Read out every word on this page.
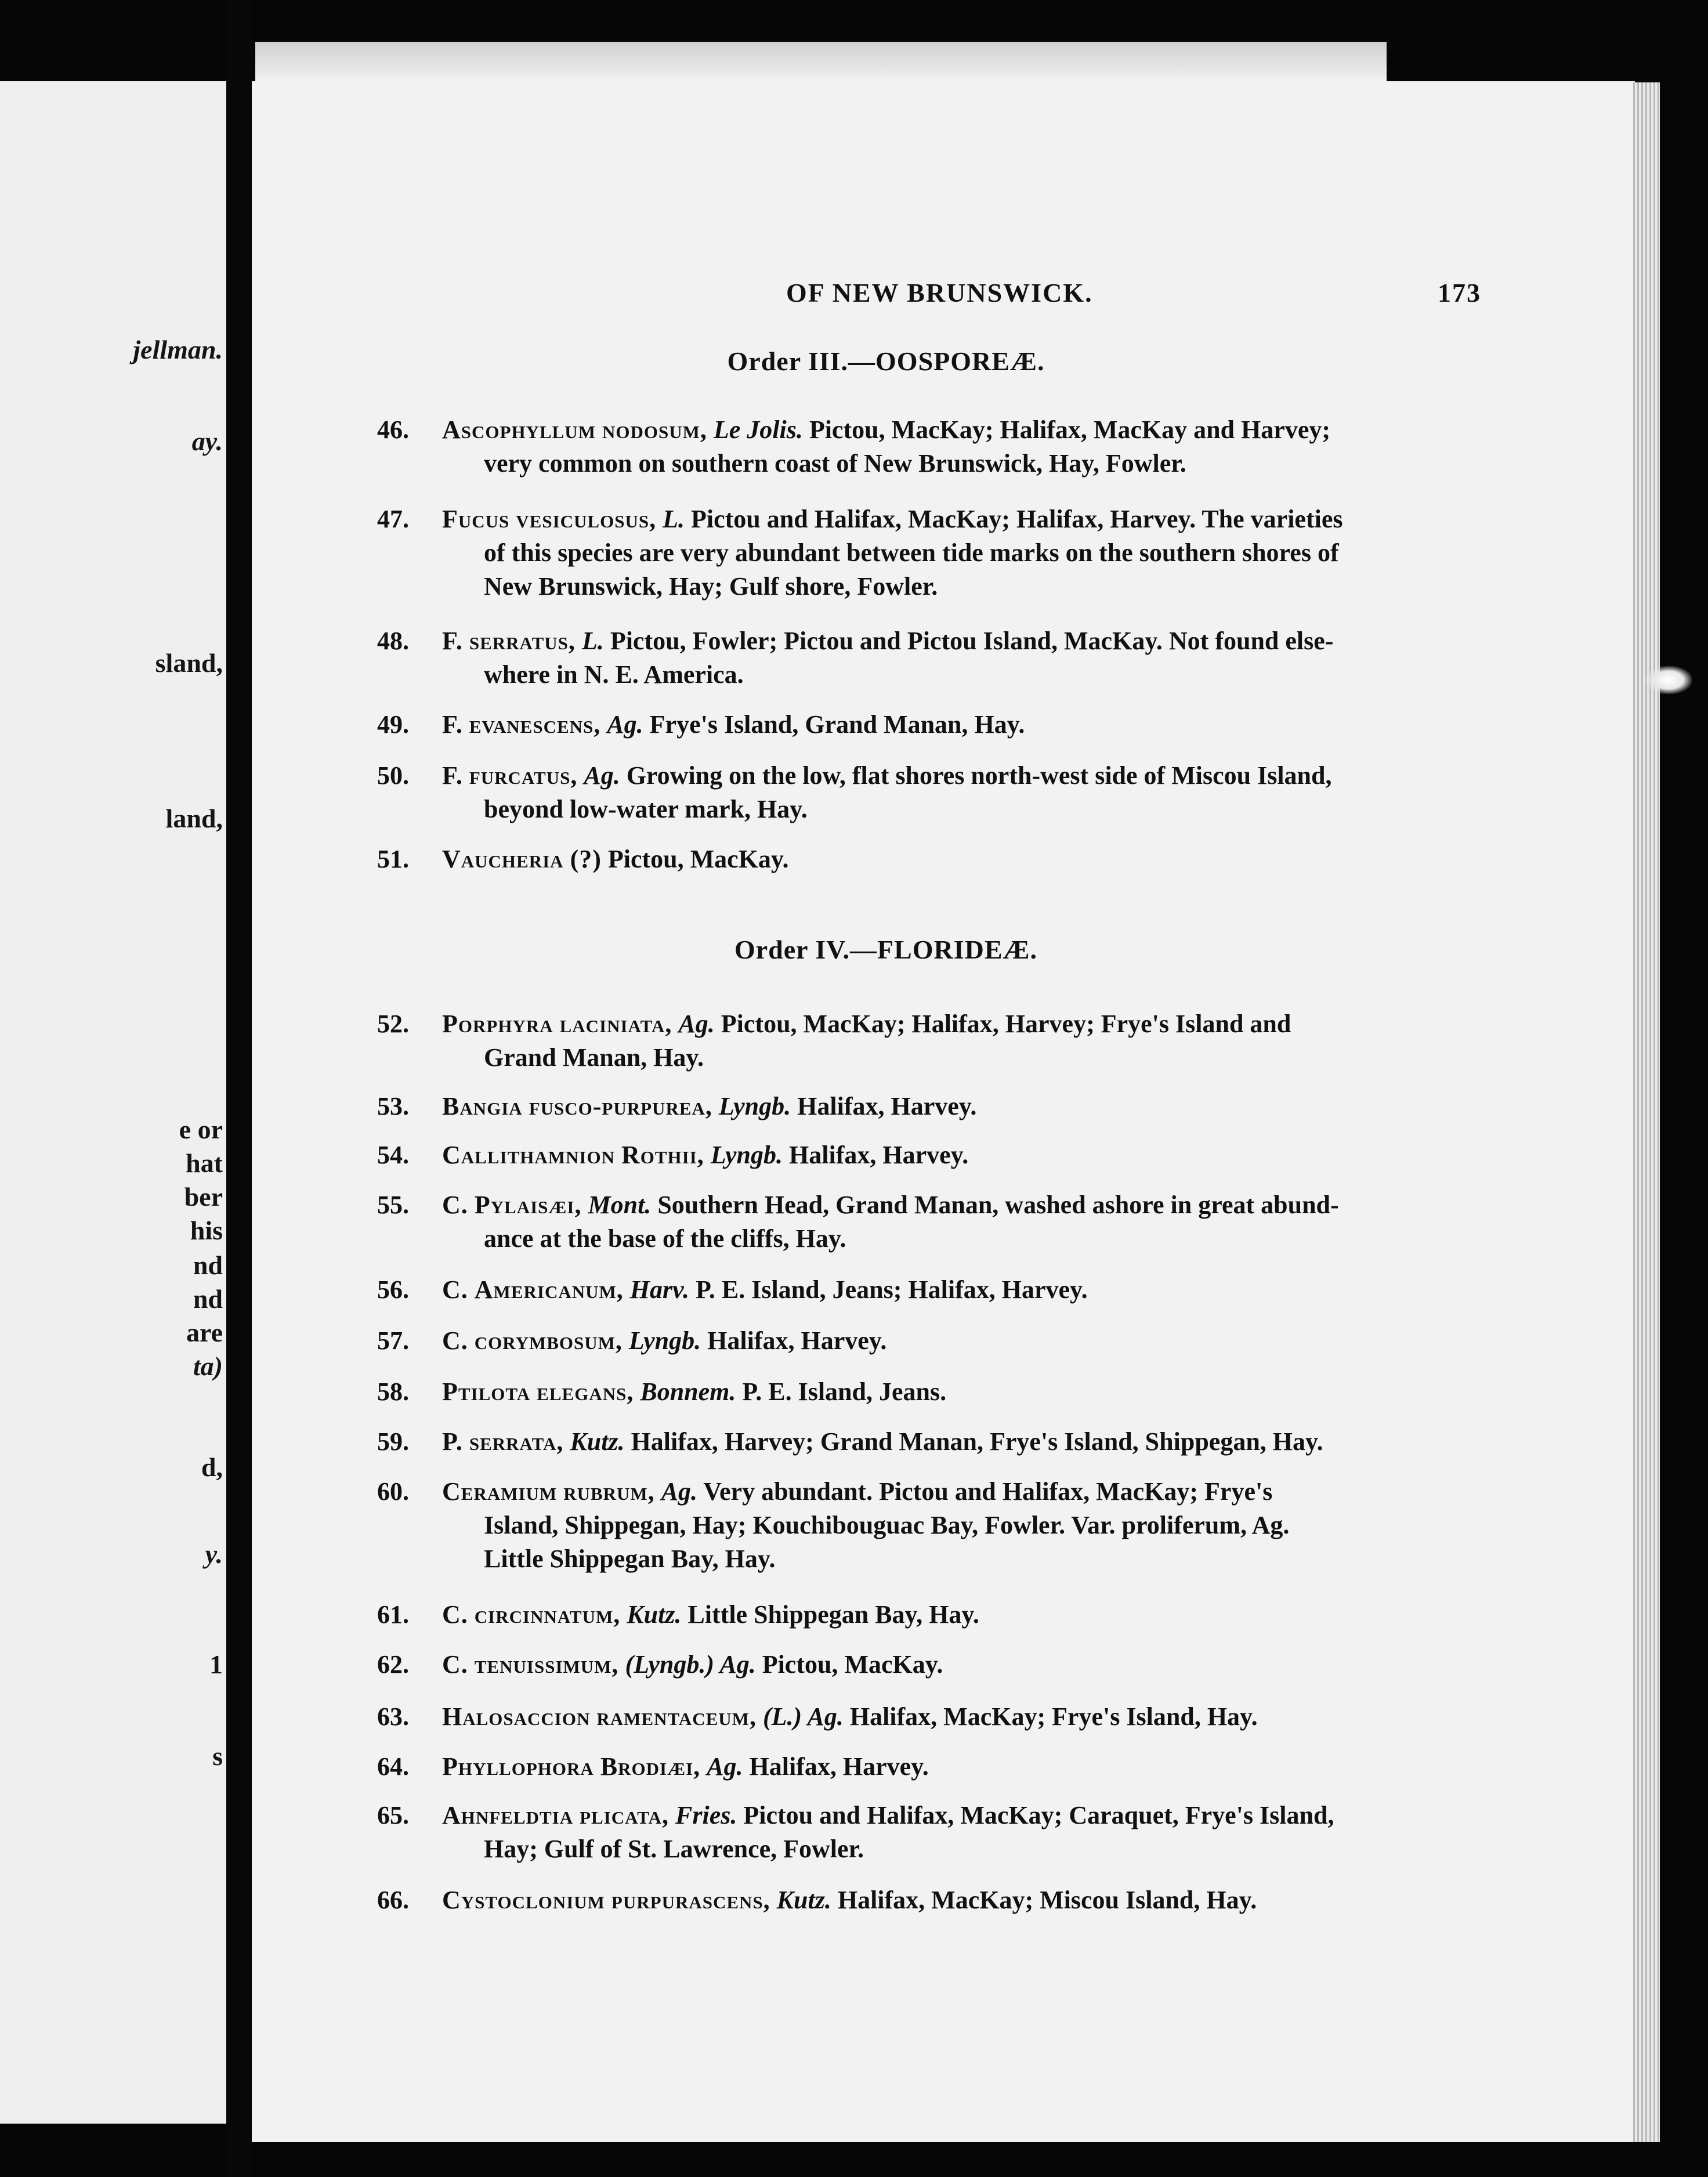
jellman.
ay.
sland,
land,
e or
hat
ber
his
nd
nd
are
ta)
d,
y.
1
s
OF NEW BRUNSWICK.	173
Order III.—OOSPOREÆ.
46.	Ascophyllum nodosum, Le Jolis. Pictou, MacKay; Halifax, MacKay and Harvey;
very common on southern coast of New Brunswick, Hay, Fowler.
47.	Fucus vesiculosus, L. Pictou and Halifax, MacKay; Halifax, Harvey. The varieties
of this species are very abundant between tide marks on the southern shores of
New Brunswick, Hay; Gulf shore, Fowler.
48.	F. serratus, L. Pictou, Fowler; Pictou and Pictou Island, MacKay. Not found else-
where in N. E. America.
49.	F. evanescens, Ag. Frye's Island, Grand Manan, Hay.
50.	F. furcatus, Ag. Growing on the low, flat shores north-west side of Miscou Island,
beyond low-water mark, Hay.
51.	Vaucheria (?) Pictou, MacKay.
Order IV.—FLORIDEÆ.
52.	Porphyra laciniata, Ag. Pictou, MacKay; Halifax, Harvey; Frye's Island and
Grand Manan, Hay.
53.	Bangia fusco-purpurea, Lyngb. Halifax, Harvey.
54.	Callithamnion Rothii, Lyngb. Halifax, Harvey.
55.	C. Pylaisæi, Mont. Southern Head, Grand Manan, washed ashore in great abund-
ance at the base of the cliffs, Hay.
56.	C. Americanum, Harv. P. E. Island, Jeans; Halifax, Harvey.
57.	C. corymbosum, Lyngb. Halifax, Harvey.
58.	Ptilota elegans, Bonnem. P. E. Island, Jeans.
59.	P. serrata, Kutz. Halifax, Harvey; Grand Manan, Frye's Island, Shippegan, Hay.
60.	Ceramium rubrum, Ag. Very abundant. Pictou and Halifax, MacKay; Frye's
Island, Shippegan, Hay; Kouchibouguac Bay, Fowler. Var. proliferum, Ag.
Little Shippegan Bay, Hay.
61.	C. circinnatum, Kutz. Little Shippegan Bay, Hay.
62.	C. tenuissimum, (Lyngb.) Ag. Pictou, MacKay.
63.	Halosaccion ramentaceum, (L.) Ag. Halifax, MacKay; Frye's Island, Hay.
64.	Phyllophora Brodiæi, Ag. Halifax, Harvey.
65.	Ahnfeldtia plicata, Fries. Pictou and Halifax, MacKay; Caraquet, Frye's Island,
Hay; Gulf of St. Lawrence, Fowler.
66.	Cystoclonium purpurascens, Kutz. Halifax, MacKay; Miscou Island, Hay.
